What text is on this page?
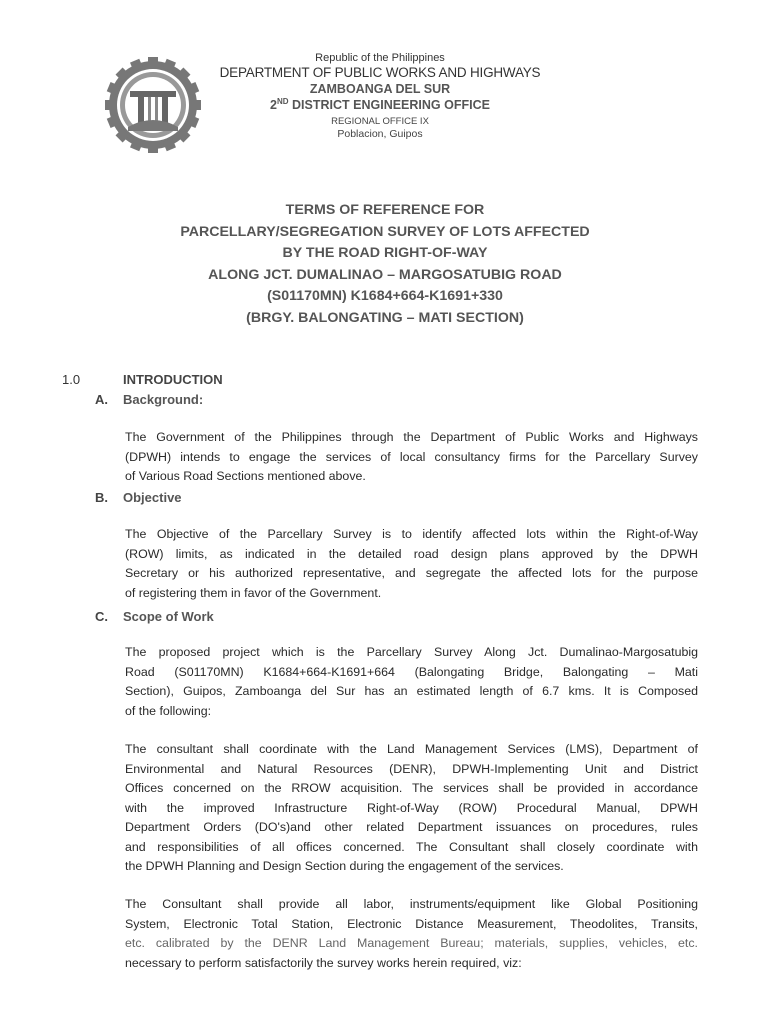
Republic of the Philippines
DEPARTMENT OF PUBLIC WORKS AND HIGHWAYS
ZAMBOANGA DEL SUR
2ND DISTRICT ENGINEERING OFFICE
REGIONAL OFFICE IX
Poblacion, Guipos
TERMS OF REFERENCE FOR
PARCELLARY/SEGREGATION SURVEY OF LOTS AFFECTED
BY THE ROAD RIGHT-OF-WAY
ALONG JCT. DUMALINAO – MARGOSATUBIG ROAD
(S01170MN) K1684+664-K1691+330
(BRGY. BALONGATING – MATI SECTION)
1.0	INTRODUCTION
A. Background:
The Government of the Philippines through the Department of Public Works and Highways
(DPWH) intends to engage the services of local consultancy firms for the Parcellary Survey
of Various Road Sections mentioned above.
B. Objective
The Objective of the Parcellary Survey is to identify affected lots within the Right-of-Way
(ROW) limits, as indicated in the detailed road design plans approved by the DPWH
Secretary or his authorized representative, and segregate the affected lots for the purpose
of registering them in favor of the Government.
C. Scope of Work
The proposed project which is the Parcellary Survey Along Jct. Dumalinao-Margosatubig
Road (S01170MN) K1684+664-K1691+664 (Balongating Bridge, Balongating – Mati
Section), Guipos, Zamboanga del Sur has an estimated length of 6.7 kms. It is Composed
of the following:
The consultant shall coordinate with the Land Management Services (LMS), Department of
Environmental and Natural Resources (DENR), DPWH-Implementing Unit and District
Offices concerned on the RROW acquisition. The services shall be provided in accordance
with the improved Infrastructure Right-of-Way (ROW) Procedural Manual, DPWH
Department Orders (DO's)and other related Department issuances on procedures, rules
and responsibilities of all offices concerned. The Consultant shall closely coordinate with
the DPWH Planning and Design Section during the engagement of the services.
The Consultant shall provide all labor, instruments/equipment like Global Positioning
System, Electronic Total Station, Electronic Distance Measurement, Theodolites, Transits,
etc. calibrated by the DENR Land Management Bureau; materials, supplies, vehicles, etc.
necessary to perform satisfactorily the survey works herein required, viz:
